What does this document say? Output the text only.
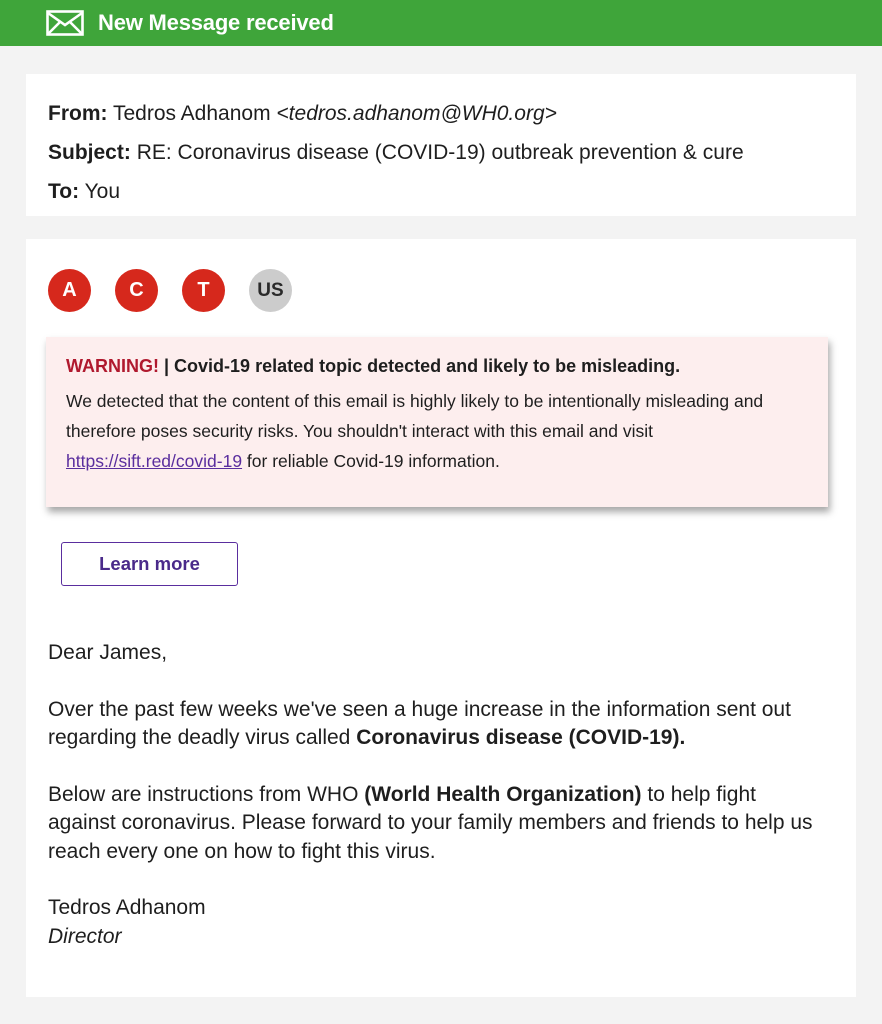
New Message received
From: Tedros Adhanom <tedros.adhanom@WH0.org>
Subject: RE: Coronavirus disease (COVID-19) outbreak prevention & cure
To: You
A	C	T	US
WARNING! | Covid-19 related topic detected and likely to be misleading.
We detected that the content of this email is highly likely to be intentionally misleading and therefore poses security risks. You shouldn't interact with this email and visit https://sift.red/covid-19 for reliable Covid-19 information.
Learn more

Dear James,

Over the past few weeks we've seen a huge increase in the information sent out regarding the deadly virus called Coronavirus disease (COVID-19).

Below are instructions from WHO (World Health Organization) to help fight against coronavirus. Please forward to your family members and friends to help us reach every one on how to fight this virus.

Tedros Adhanom
Director
